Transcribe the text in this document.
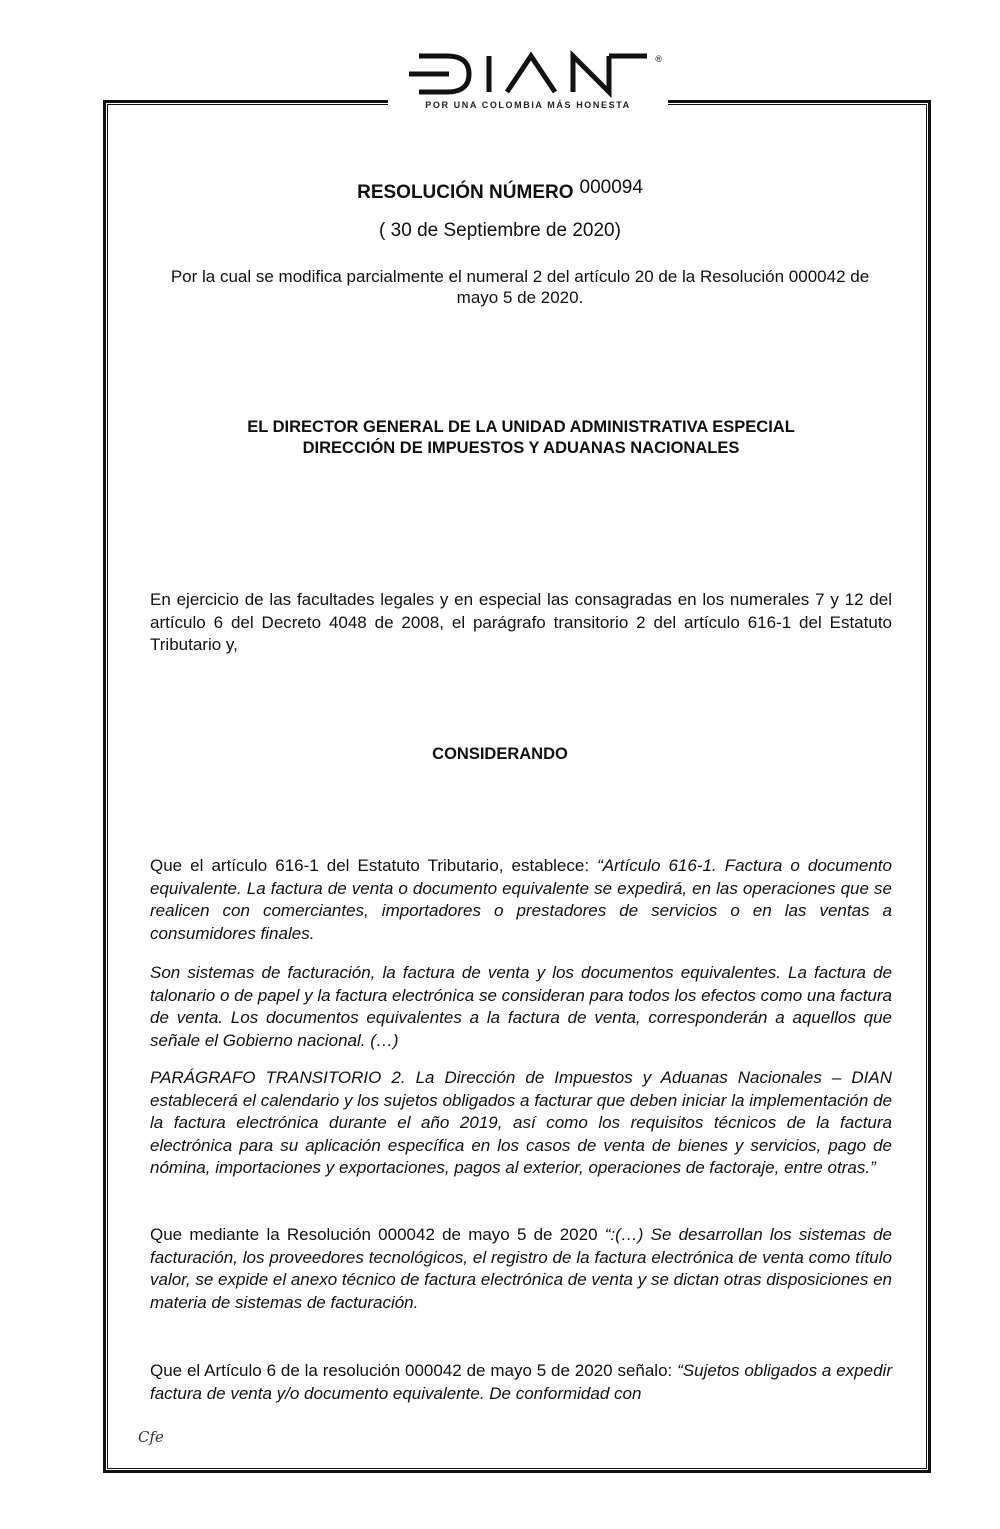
®
POR UNA COLOMBIA MÁS HONESTA
RESOLUCIÓN NÚMERO 000094
( 30 de Septiembre de 2020)
Por la cual se modifica parcialmente el numeral 2 del artículo 20 de la Resolución 000042 de mayo 5 de 2020.
EL DIRECTOR GENERAL DE LA UNIDAD ADMINISTRATIVA ESPECIAL
DIRECCIÓN DE IMPUESTOS Y ADUANAS NACIONALES

En ejercicio de las facultades legales y en especial las consagradas en los numerales 7 y 12 del artículo 6 del Decreto 4048 de 2008, el parágrafo transitorio 2 del artículo 616-1 del Estatuto Tributario y,

CONSIDERANDO

Que el artículo 616-1 del Estatuto Tributario, establece: “Artículo 616-1. Factura o documento equivalente. La factura de venta o documento equivalente se expedirá, en las operaciones que se realicen con comerciantes, importadores o prestadores de servicios o en las ventas a consumidores finales.

Son sistemas de facturación, la factura de venta y los documentos equivalentes. La factura de talonario o de papel y la factura electrónica se consideran para todos los efectos como una factura de venta. Los documentos equivalentes a la factura de venta, corresponderán a aquellos que señale el Gobierno nacional. (…)

PARÁGRAFO TRANSITORIO 2. La Dirección de Impuestos y Aduanas Nacionales – DIAN establecerá el calendario y los sujetos obligados a facturar que deben iniciar la implementación de la factura electrónica durante el año 2019, así como los requisitos técnicos de la factura electrónica para su aplicación específica en los casos de venta de bienes y servicios, pago de nómina, importaciones y exportaciones, pagos al exterior, operaciones de factoraje, entre otras.”

Que mediante la Resolución 000042 de mayo 5 de 2020 “:(…) Se desarrollan los sistemas de facturación, los proveedores tecnológicos, el registro de la factura electrónica de venta como título valor, se expide el anexo técnico de factura electrónica de venta y se dictan otras disposiciones en materia de sistemas de facturación.

Que el Artículo 6 de la resolución 000042 de mayo 5 de 2020 señalo: “Sujetos obligados a expedir factura de venta y/o documento equivalente. De conformidad con

Cfe
